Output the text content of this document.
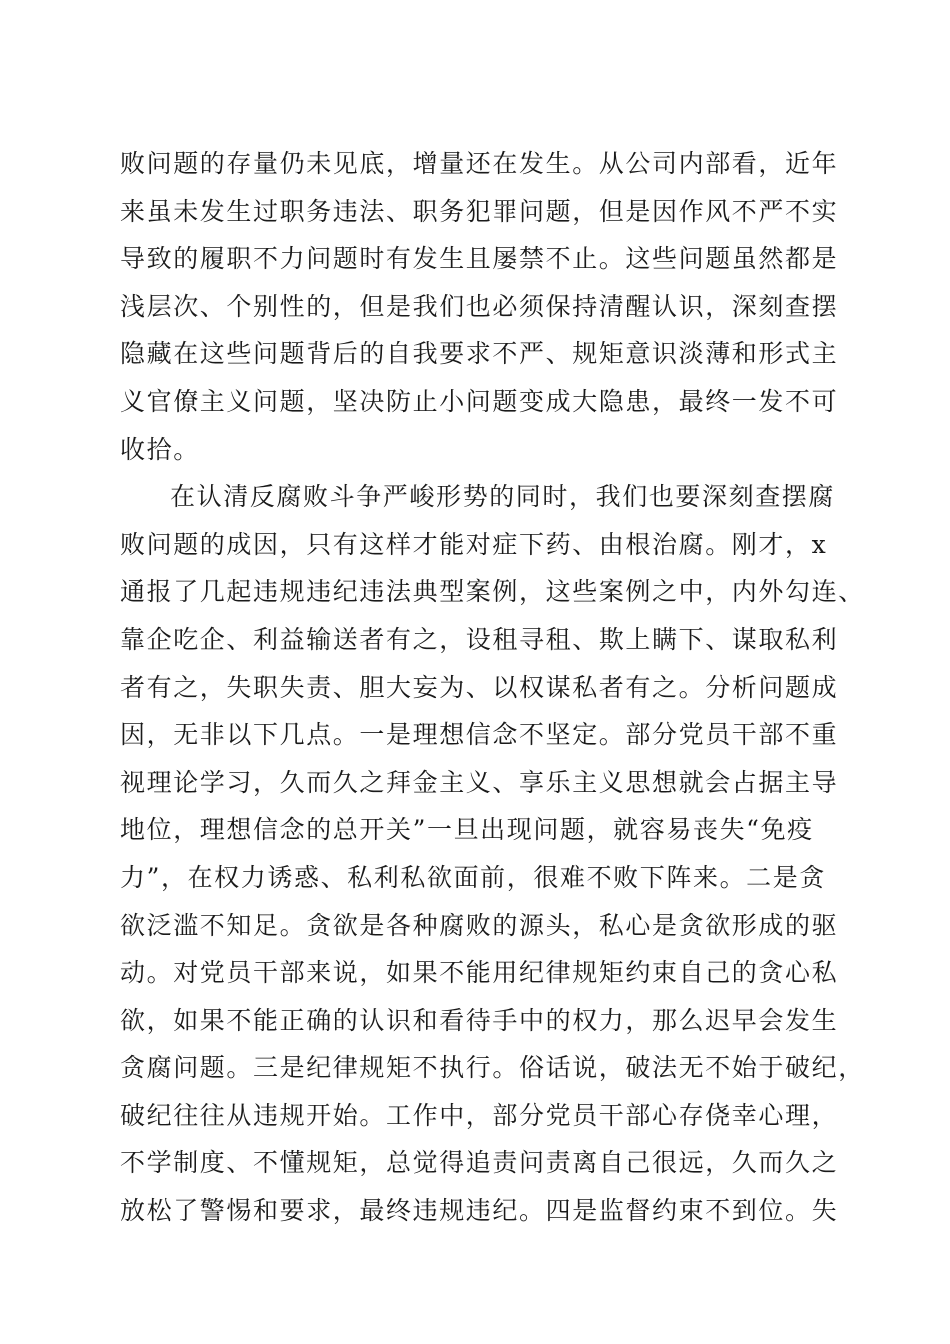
败问题的存量仍未见底，增量还在发生。从公司内部看，近年
来虽未发生过职务违法、职务犯罪问题，但是因作风不严不实
导致的履职不力问题时有发生且屡禁不止。这些问题虽然都是
浅层次、个别性的，但是我们也必须保持清醒认识，深刻查摆
隐藏在这些问题背后的自我要求不严、规矩意识淡薄和形式主
义官僚主义问题，坚决防止小问题变成大隐患，最终一发不可
收拾。
在认清反腐败斗争严峻形势的同时，我们也要深刻查摆腐
败问题的成因，只有这样才能对症下药、由根治腐。刚才，x
通报了几起违规违纪违法典型案例，这些案例之中，内外勾连、
靠企吃企、利益输送者有之，设租寻租、欺上瞒下、谋取私利
者有之，失职失责、胆大妄为、以权谋私者有之。分析问题成
因，无非以下几点。一是理想信念不坚定。部分党员干部不重
视理论学习，久而久之拜金主义、享乐主义思想就会占据主导
地位，理想信念的总开关”一旦出现问题，就容易丧失“免疫
力”，在权力诱惑、私利私欲面前，很难不败下阵来。二是贪
欲泛滥不知足。贪欲是各种腐败的源头，私心是贪欲形成的驱
动。对党员干部来说，如果不能用纪律规矩约束自己的贪心私
欲，如果不能正确的认识和看待手中的权力，那么迟早会发生
贪腐问题。三是纪律规矩不执行。俗话说，破法无不始于破纪，
破纪往往从违规开始。工作中，部分党员干部心存侥幸心理，
不学制度、不懂规矩，总觉得追责问责离自己很远，久而久之
放松了警惕和要求，最终违规违纪。四是监督约束不到位。失
